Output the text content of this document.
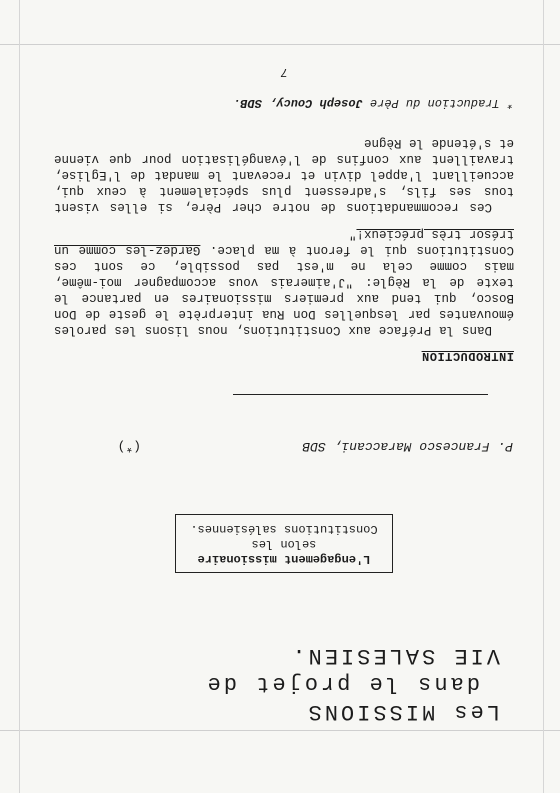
Les MISSIONS
dans le projet de
VIE SALESIEN.
L'engagement missionaire
selon les
Constitutions salésiennes.
P. Francesco Maraccani, SDB
(*)
INTRODUCTION
Dans la Préface aux Constitutions, nous lisons les paroles émouvantes par lesquelles Don Rua interprète le geste de Don Bosco, qui tend aux premiers missionaires en partance le texte de la Règle: "J'aimerais vous accompagner moi-même, mais comme cela ne m'est pas possible, ce sont ces Constitutions qui le feront à ma place. Gardez-les comme un trésor très précieux!"
Ces recommandations de notre cher Père, si elles visent tous ses fils, s'adressent plus spécialement à ceux qui, accueillant l'appel divin et recevant le mandat de l'Eglise, travaillent aux confins de l'évangélisation pour que vienne et s'étende le Règne
* Traduction du Père Joseph Coucy, SDB.
7
